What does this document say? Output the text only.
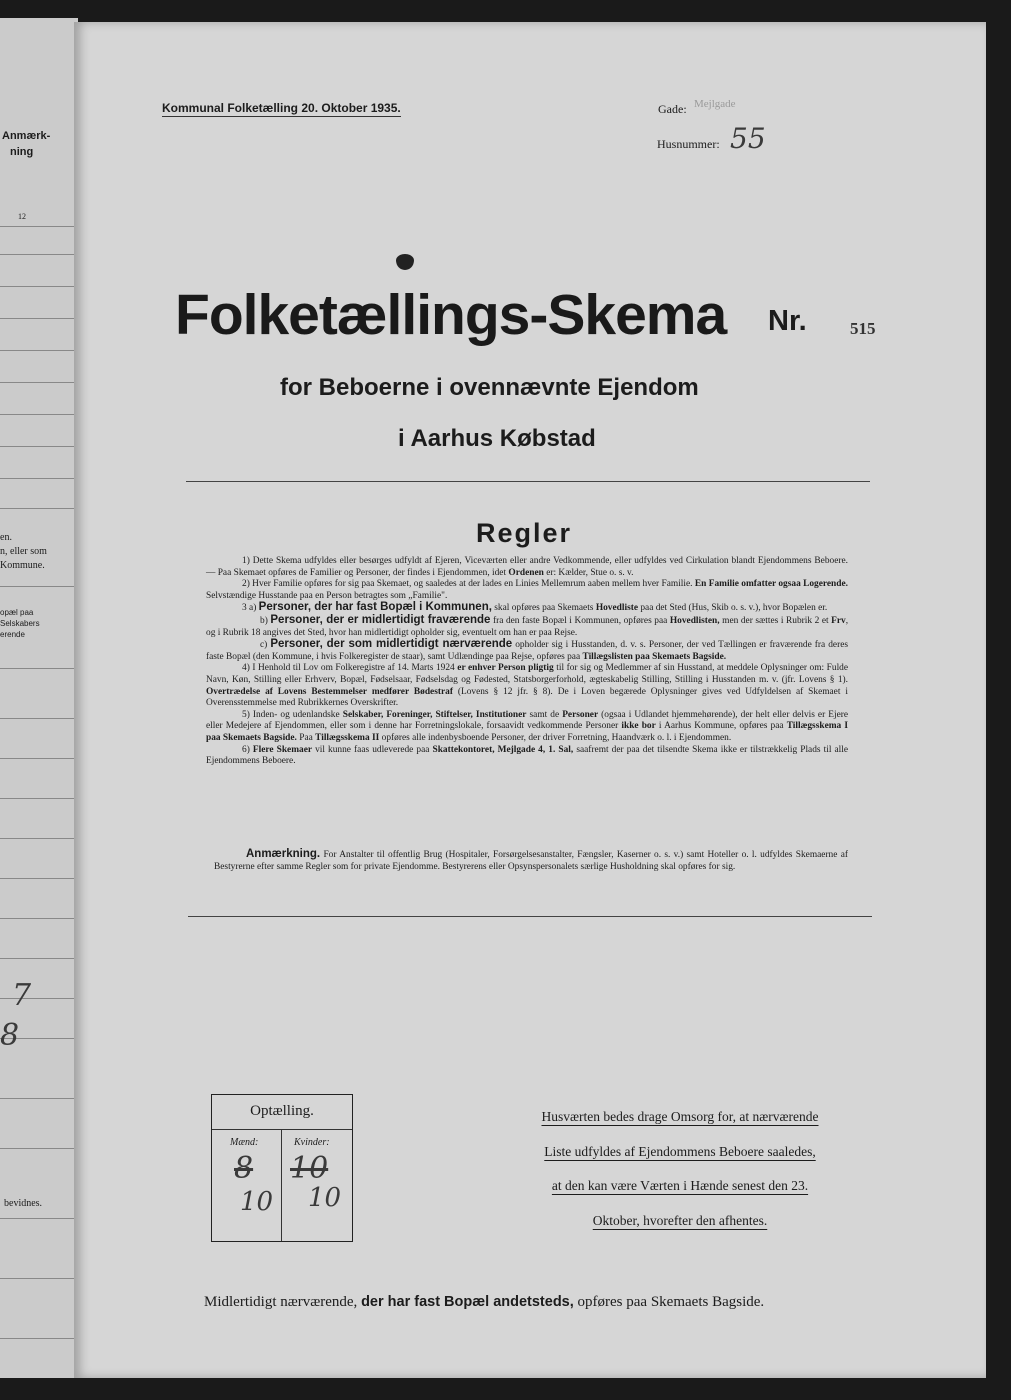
Anmærk-
ning
12
en.
n, eller som
Kommune.
opæl paa
Selskabers
erende
7
8
bevidnes.
Kommunal Folketælling 20. Oktober 1935.	Gade: Mejlgade
Husnummer: 55
Folketællings-Skema Nr.	515
for Beboerne i ovennævnte Ejendom
i Aarhus Købstad
Regler

1) Dette Skema udfyldes eller besørges udfyldt af Ejeren, Viceværten eller andre Vedkommende, eller udfyldes ved Cirkulation blandt Ejendommens Beboere. — Paa Skemaet opføres de Familier og Personer, der findes i Ejendommen, idet Ordenen er: Kælder, Stue o. s. v.

2) Hver Familie opføres for sig paa Skemaet, og saaledes at der lades en Linies Mellemrum aaben mellem hver Familie. En Familie omfatter ogsaa Logerende. Selvstændige Husstande paa en Person betragtes som „Familie".

3 a) Personer, der har fast Bopæl i Kommunen, skal opføres paa Skemaets Hovedliste paa det Sted (Hus, Skib o. s. v.), hvor Bopælen er.

b) Personer, der er midlertidigt fraværende fra den faste Bopæl i Kommunen, opføres paa Hovedlisten, men der sættes i Rubrik 2 et Frv, og i Rubrik 18 angives det Sted, hvor han midlertidigt opholder sig, eventuelt om han er paa Rejse.

c) Personer, der som midlertidigt nærværende opholder sig i Husstanden, d. v. s. Personer, der ved Tællingen er fraværende fra deres faste Bopæl (den Kommune, i hvis Folkeregister de staar), samt Udlændinge paa Rejse, opføres paa Tillægslisten paa Skemaets Bagside.

4) I Henhold til Lov om Folkeregistre af 14. Marts 1924 er enhver Person pligtig til for sig og Medlemmer af sin Husstand, at meddele Oplysninger om: Fulde Navn, Køn, Stilling eller Erhverv, Bopæl, Fødselsaar, Fødselsdag og Fødested, Statsborgerforhold, ægteskabelig Stilling, Stilling i Husstanden m. v. (jfr. Lovens § 1). Overtrædelse af Lovens Bestemmelser medfører Bødestraf (Lovens § 12 jfr. § 8). De i Loven begærede Oplysninger gives ved Udfyldelsen af Skemaet i Overensstemmelse med Rubrikkernes Overskrifter.

5) Inden- og udenlandske Selskaber, Foreninger, Stiftelser, Institutioner samt de Personer (ogsaa i Udlandet hjemmehørende), der helt eller delvis er Ejere eller Medejere af Ejendommen, eller som i denne har Forretningslokale, forsaavidt vedkommende Personer ikke bor i Aarhus Kommune, opføres paa Tillægsskema I paa Skemaets Bagside. Paa Tillægsskema II opføres alle indenbysboende Personer, der driver Forretning, Haandværk o. l. i Ejendommen.

6) Flere Skemaer vil kunne faas udleverede paa Skattekontoret, Mejlgade 4, 1. Sal, saafremt der paa det tilsendte Skema ikke er tilstrækkelig Plads til alle Ejendommens Beboere.

Anmærkning. For Anstalter til offentlig Brug (Hospitaler, Forsørgelsesanstalter, Fængsler, Kaserner o. s. v.) samt Hoteller o. l. udfyldes Skemaerne af Bestyrerne efter samme Regler som for private Ejendomme. Bestyrerens eller Opsynspersonalets særlige Husholdning skal opføres for sig.
Optælling.
Mænd:	Kvinder:
8 10
10 10
Husværten bedes drage Omsorg for, at nærværende
Liste udfyldes af Ejendommens Beboere saaledes,
at den kan være Værten i Hænde senest den 23.
Oktober, hvorefter den afhentes.
Midlertidigt nærværende, der har fast Bopæl andetsteds, opføres paa Skemaets Bagside.
